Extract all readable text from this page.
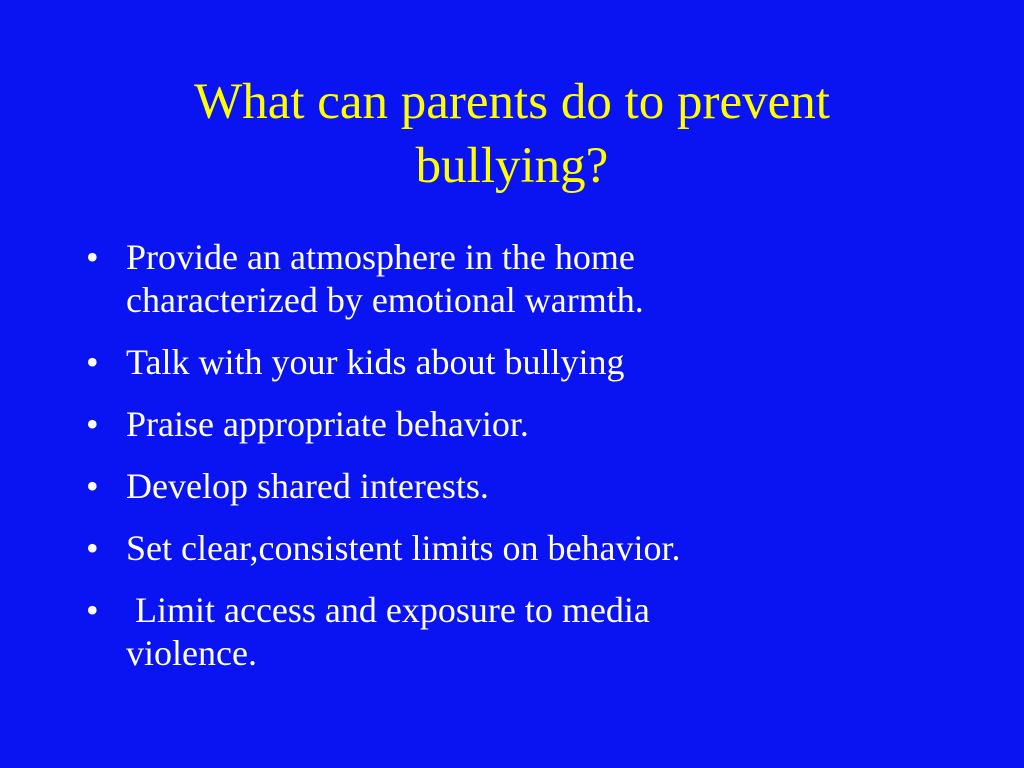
What can parents do to prevent
bullying?
• Provide an atmosphere in the home
characterized by emotional warmth.
• Talk with your kids about bullying
• Praise appropriate behavior.
• Develop shared interests.
• Set clear,consistent limits on behavior.
• Limit access and exposure to media
violence.
